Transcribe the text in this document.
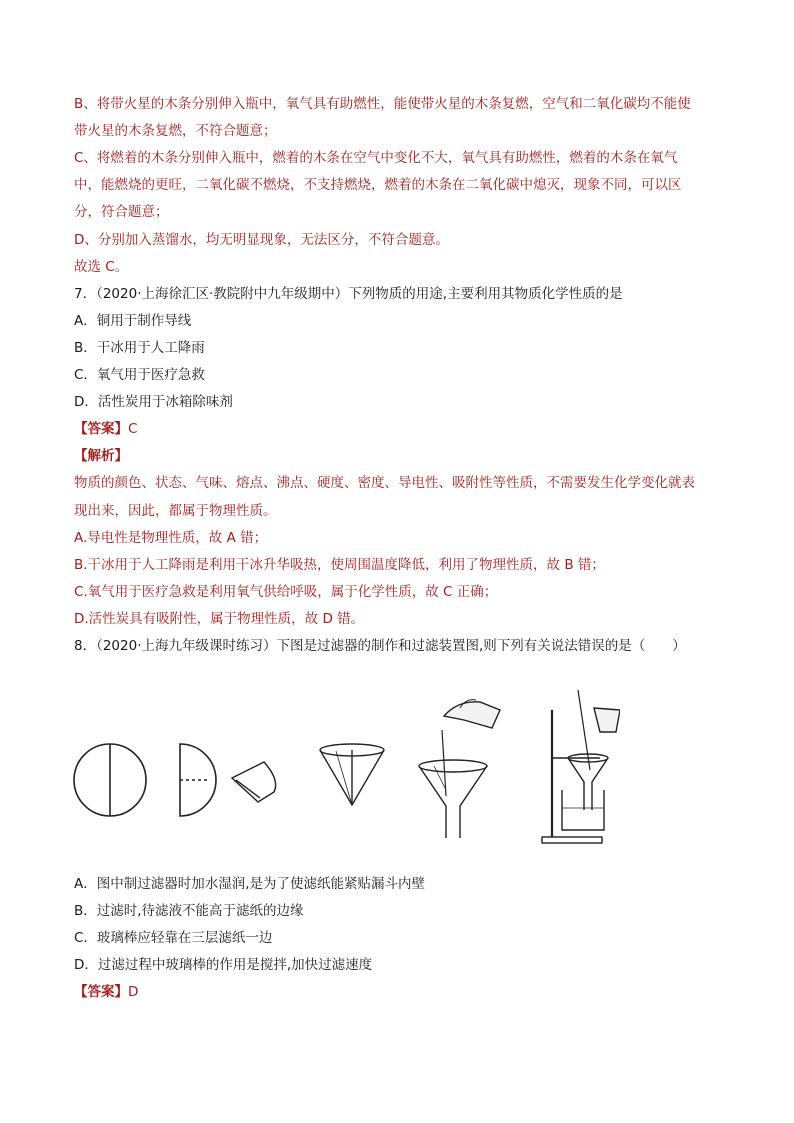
B、将带火星的木条分别伸入瓶中，氧气具有助燃性，能使带火星的木条复燃，空气和二氧化碳均不能使
带火星的木条复燃，不符合题意；
C、将燃着的木条分别伸入瓶中，燃着的木条在空气中变化不大，氧气具有助燃性，燃着的木条在氧气
中，能燃烧的更旺，二氧化碳不燃烧，不支持燃烧，燃着的木条在二氧化碳中熄灭，现象不同，可以区
分，符合题意；
D、分别加入蒸馏水，均无明显现象，无法区分，不符合题意。
故选 C。
7．（2020·上海徐汇区·教院附中九年级期中）下列物质的用途,主要利用其物质化学性质的是
A．铜用于制作导线
B．干冰用于人工降雨
C．氧气用于医疗急救
D．活性炭用于冰箱除味剂
【答案】C
【解析】
物质的颜色、状态、气味、熔点、沸点、硬度、密度、导电性、吸附性等性质，不需要发生化学变化就表
现出来，因此，都属于物理性质。
A.导电性是物理性质，故 A 错；
B.干冰用于人工降雨是利用干冰升华吸热，使周围温度降低，利用了物理性质，故 B 错；
C.氧气用于医疗急救是利用氧气供给呼吸，属于化学性质，故 C 正确；
D.活性炭具有吸附性，属于物理性质，故 D 错。
8．（2020·上海九年级课时练习）下图是过滤器的制作和过滤装置图,则下列有关说法错误的是（　　）
A．图中制过滤器时加水湿润,是为了使滤纸能紧贴漏斗内壁
B．过滤时,待滤液不能高于滤纸的边缘
C．玻璃棒应轻靠在三层滤纸一边
D．过滤过程中玻璃棒的作用是搅拌,加快过滤速度
【答案】D
